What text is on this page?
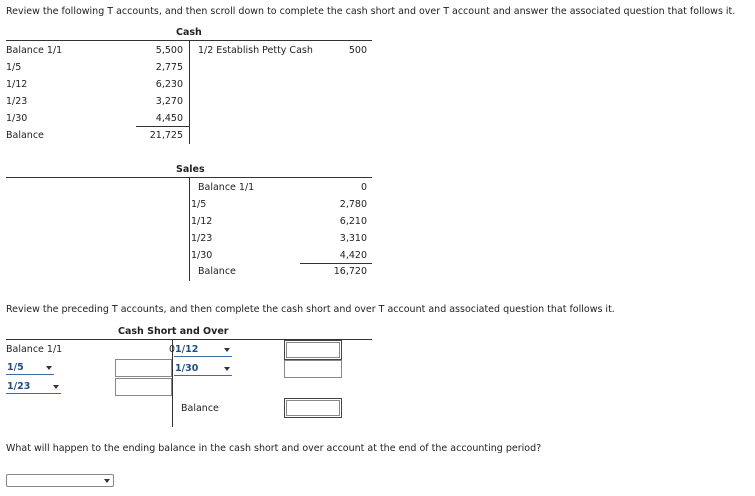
Review the following T accounts, and then scroll down to complete the cash short and over T account and answer the associated question that follows it.
Cash
Balance 1/1	5,500
1/5	2,775
1/12	6,230
1/23	3,270
1/30	4,450
Balance	21,725
1/2 Establish Petty Cash	500
Sales
Balance 1/1	0
1/5	2,780
1/12	6,210
1/23	3,310
1/30	4,420
Balance	16,720
Review the preceding T accounts, and then complete the cash short and over T account and associated question that follows it.
Cash Short and Over
Balance 1/1	0
1/5
1/23
1/12
1/30
Balance
What will happen to the ending balance in the cash short and over account at the end of the accounting period?
